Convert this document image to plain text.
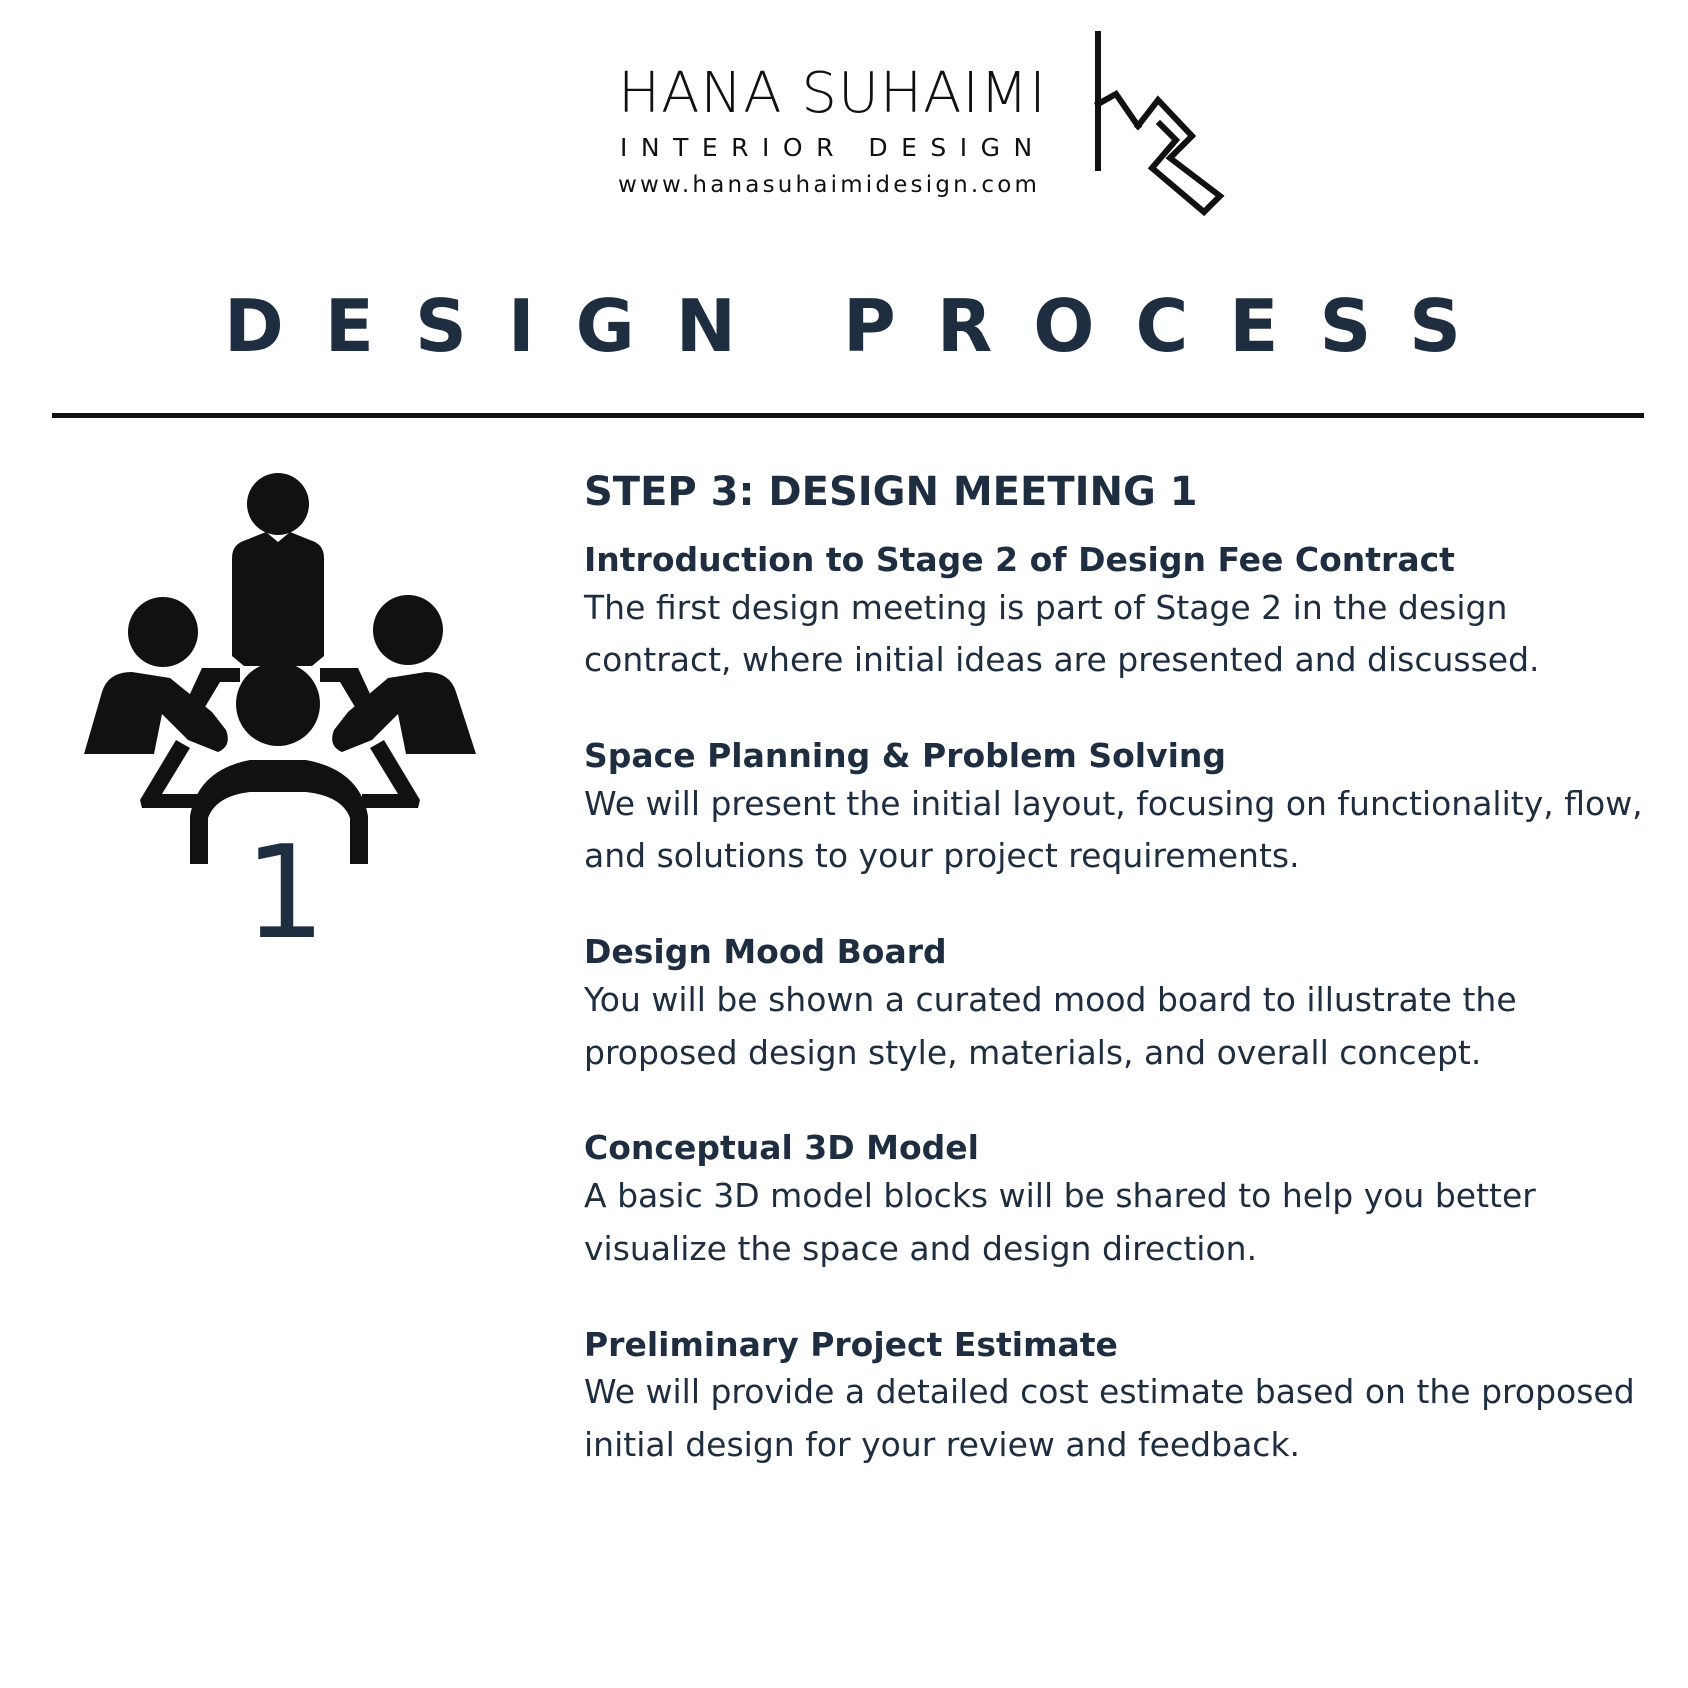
HANA SUHAIMI
INTERIOR DESIGN
www.hanasuhaimidesign.com
DESIGN PROCESS
1
STEP 3: DESIGN MEETING 1
Introduction to Stage 2 of Design Fee Contract
The first design meeting is part of Stage 2 in the design contract, where initial ideas are presented and discussed.
Space Planning & Problem Solving
We will present the initial layout, focusing on functionality, flow, and solutions to your project requirements.
Design Mood Board
You will be shown a curated mood board to illustrate the proposed design style, materials, and overall concept.
Conceptual 3D Model
A basic 3D model blocks will be shared to help you better visualize the space and design direction.
Preliminary Project Estimate
We will provide a detailed cost estimate based on the proposed initial design for your review and feedback.
